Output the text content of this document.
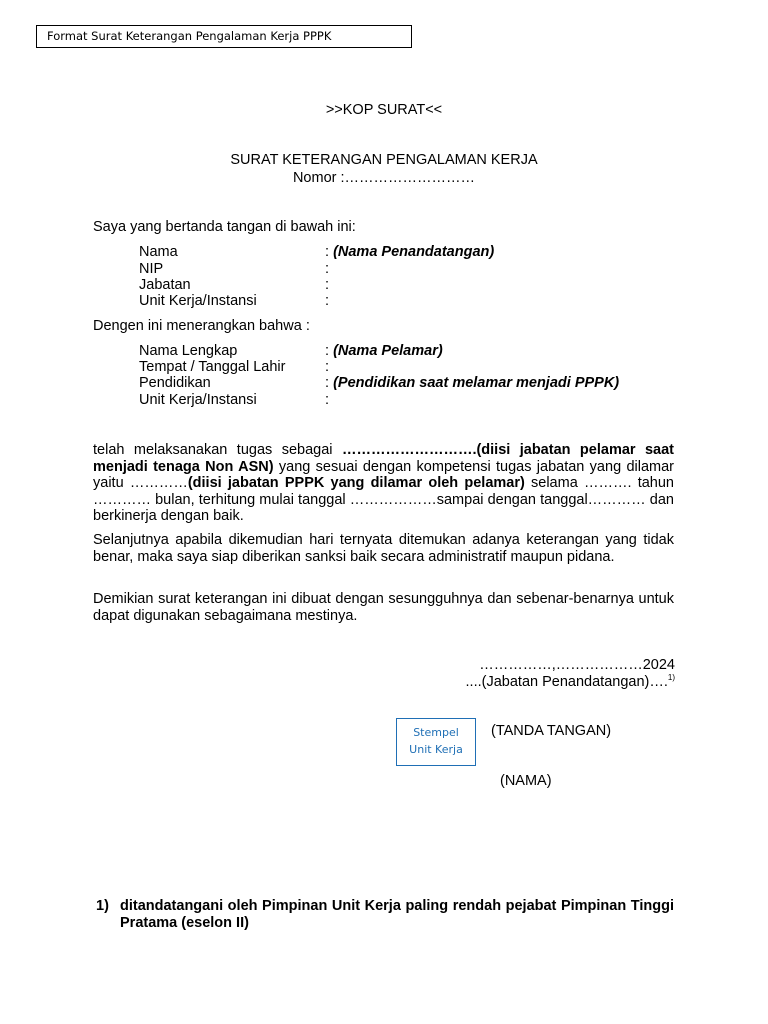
Format Surat Keterangan Pengalaman Kerja PPPK
>>KOP SURAT<<
SURAT KETERANGAN PENGALAMAN KERJA
Nomor :………………………
Saya yang bertanda tangan di bawah ini:
Nama	: (Nama Penandatangan)
NIP	:
Jabatan	:
Unit Kerja/Instansi	:
Dengen ini menerangkan bahwa :
Nama Lengkap	: (Nama Pelamar)
Tempat / Tanggal Lahir	:
Pendidikan	: (Pendidikan saat melamar menjadi PPPK)
Unit Kerja/Instansi	:
telah melaksanakan tugas sebagai ……………………….(diisi jabatan pelamar saat menjadi tenaga Non ASN) yang sesuai dengan kompetensi tugas jabatan yang dilamar yaitu …………(diisi jabatan PPPK yang dilamar oleh pelamar) selama ………. tahun ………… bulan, terhitung mulai tanggal ………………sampai dengan tanggal………… dan berkinerja dengan baik.
Selanjutnya apabila dikemudian hari ternyata ditemukan adanya keterangan yang tidak benar, maka saya siap diberikan sanksi baik secara administratif maupun pidana.
Demikian surat keterangan ini dibuat dengan sesungguhnya dan sebenar-benarnya untuk dapat digunakan sebagaimana mestinya.
……………,………………2024
....(Jabatan Penandatangan)….$^{1)}$
Stempel
Unit Kerja
(TANDA TANGAN)
(NAMA)
1) ditandatangani oleh Pimpinan Unit Kerja paling rendah pejabat Pimpinan Tinggi Pratama (eselon II)
